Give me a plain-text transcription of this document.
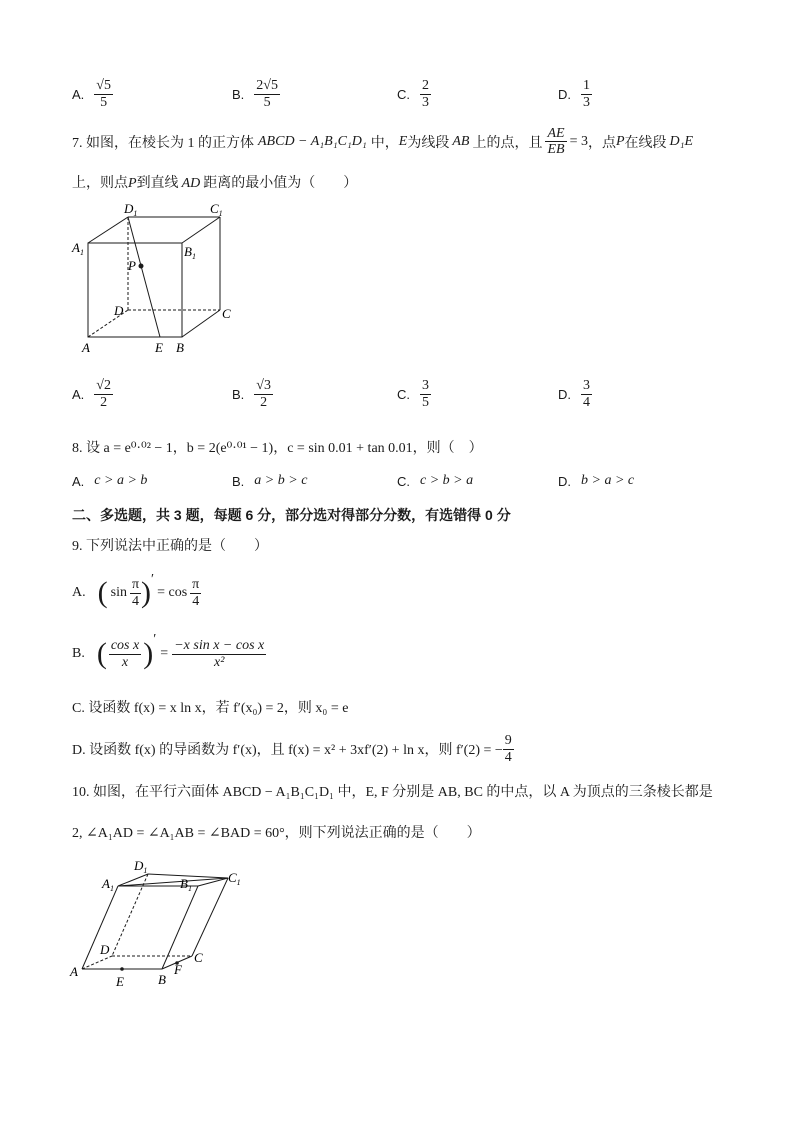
A. $\frac{√5}{5}$	B. $\frac{2√5}{5}$	C. $\frac{2}{3}$	D. $\frac{1}{3}$
7. 如图，在棱长为 1 的正方体 ABCD − A₁B₁C₁D₁ 中， E 为线段 AB 上的点，且 $\frac{AE}{EB} = 3$ ，点 P 在线段 D₁E
上，则点P到直线 AD 距离的最小值为（　　）
$D_1$	$C_1$
$A_1$	$B_1$
P
D	C
A	E B
A. $\frac{√2}{2}$	B. $\frac{√3}{2}$	C. $\frac{3}{5}$	D. $\frac{3}{4}$
8. 设 a = e⁰·⁰² − 1，b = 2(e⁰·⁰¹ − 1)，c = sin 0.01 + tan 0.01，则（　）
A. c > a > b	B. a > b > c	C. c > b > a	D. b > a > c
二、多选题，共 3 题，每题 6 分，部分选对得部分分数，有选错得 0 分
9. 下列说法中正确的是（　　）
A. ( $\sin \frac{\pi}{4}$ ) ′
= $\cos \frac{\pi}{4}$
B. ( $\frac{\text{cos x}}{x}$ ) ′
= $\frac{\text{−x sin x − cos x}}{\text{x²}}$
C. 设函数 f(x) = x ln x，若 f′(x₀) = 2，则 x₀ = e
D. 设函数 f(x) 的导函数为 f′(x)，且 f(x) = x² + 3xf′(2) + ln x，则 f′(2) = − $\frac{9}{4}$
10. 如图，在平行六面体 ABCD − A₁B₁C₁D₁ 中，E, F 分别是 AB, BC 的中点，以 A 为顶点的三条棱长都是
2, ∠A₁AD = ∠A₁AB = ∠BAD = 60°，则下列说法正确的是（　　）
$D_1$
$A_1$	$B_1$
$C_1$
D
A
E	B
F
C
